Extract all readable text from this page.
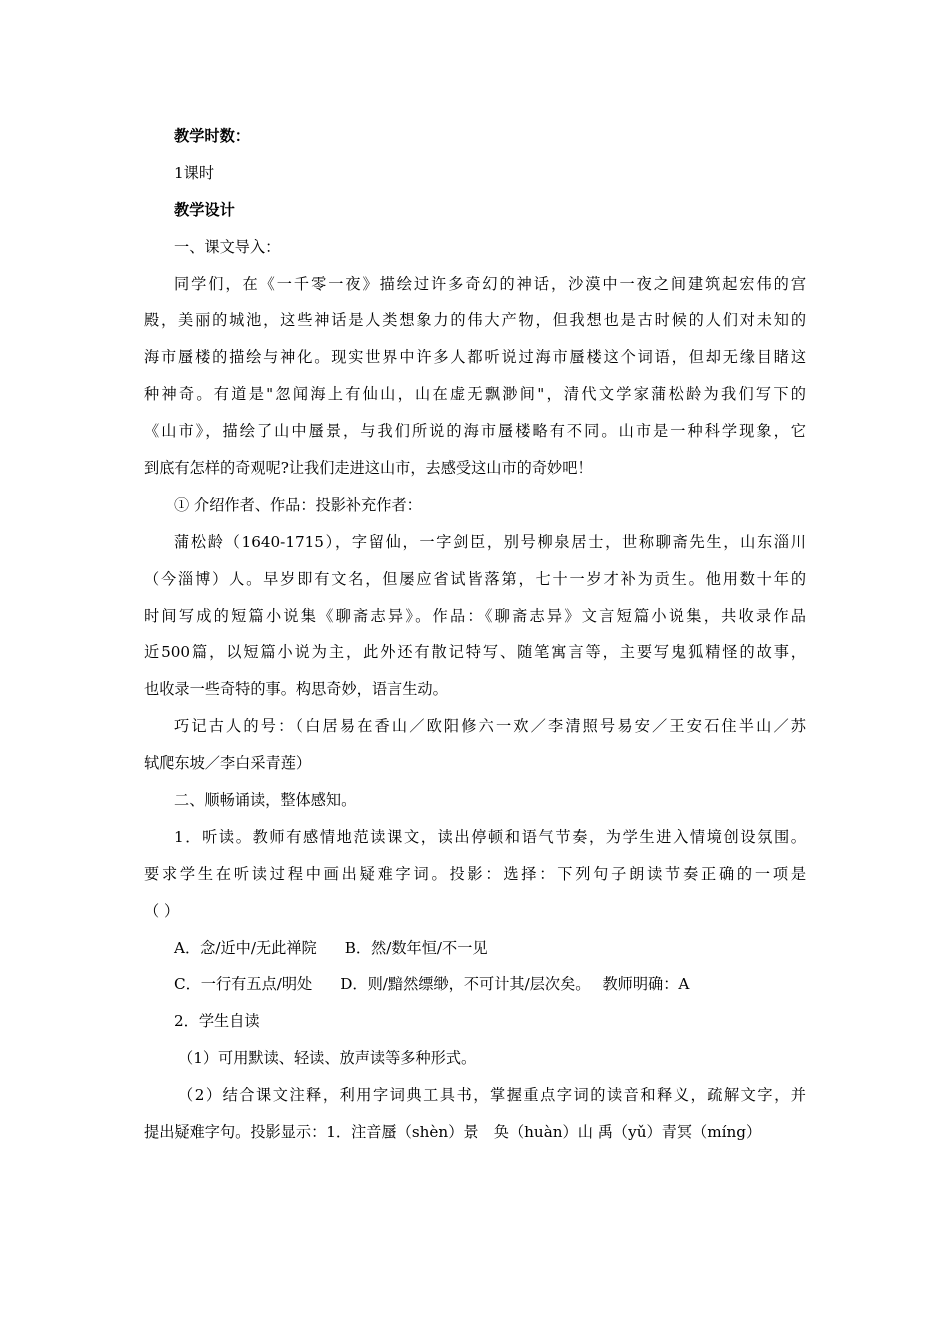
教学时数：
1课时
教学设计
一、课文导入：
同学们，在《一千零一夜》描绘过许多奇幻的神话，沙漠中一夜之间建筑起宏伟的宫
殿，美丽的城池，这些神话是人类想象力的伟大产物，但我想也是古时候的人们对未知的
海市蜃楼的描绘与神化。现实世界中许多人都听说过海市蜃楼这个词语，但却无缘目睹这
种神奇。有道是"忽闻海上有仙山，山在虚无飘渺间"，清代文学家蒲松龄为我们写下的
《山市》，描绘了山中蜃景，与我们所说的海市蜃楼略有不同。山市是一种科学现象，它
到底有怎样的奇观呢?让我们走进这山市，去感受这山市的奇妙吧！
① 介绍作者、作品：投影补充作者：
蒲松龄（1640-1715），字留仙，一字剑臣，别号柳泉居士，世称聊斋先生，山东淄川
（今淄博）人。早岁即有文名，但屡应省试皆落第，七十一岁才补为贡生。他用数十年的
时间写成的短篇小说集《聊斋志异》。作品：《聊斋志异》文言短篇小说集，共收录作品
近500篇，以短篇小说为主，此外还有散记特写、随笔寓言等，主要写鬼狐精怪的故事，
也收录一些奇特的事。构思奇妙，语言生动。
巧记古人的号：（白居易在香山／欧阳修六一欢／李清照号易安／王安石住半山／苏
轼爬东坡／李白采青莲）
二、顺畅诵读，整体感知。
1．听读。教师有感情地范读课文，读出停顿和语气节奏，为学生进入情境创设氛围。
要求学生在听读过程中画出疑难字词。投影：选择：下列句子朗读节奏正确的一项是
（ ）
A．念/近中/无此禅院 B．然/数年恒/不一见
C．一行有五点/明处 D．则/黯然缥缈，不可计其/层次矣。 教师明确：A
2．学生自读
（1）可用默读、轻读、放声读等多种形式。
（2）结合课文注释，利用字词典工具书，掌握重点字词的读音和释义，疏解文字，并
提出疑难字句。投影显示：1．注音蜃（shèn）景　奂（huàn）山 禹（yǔ）青冥（míng）
